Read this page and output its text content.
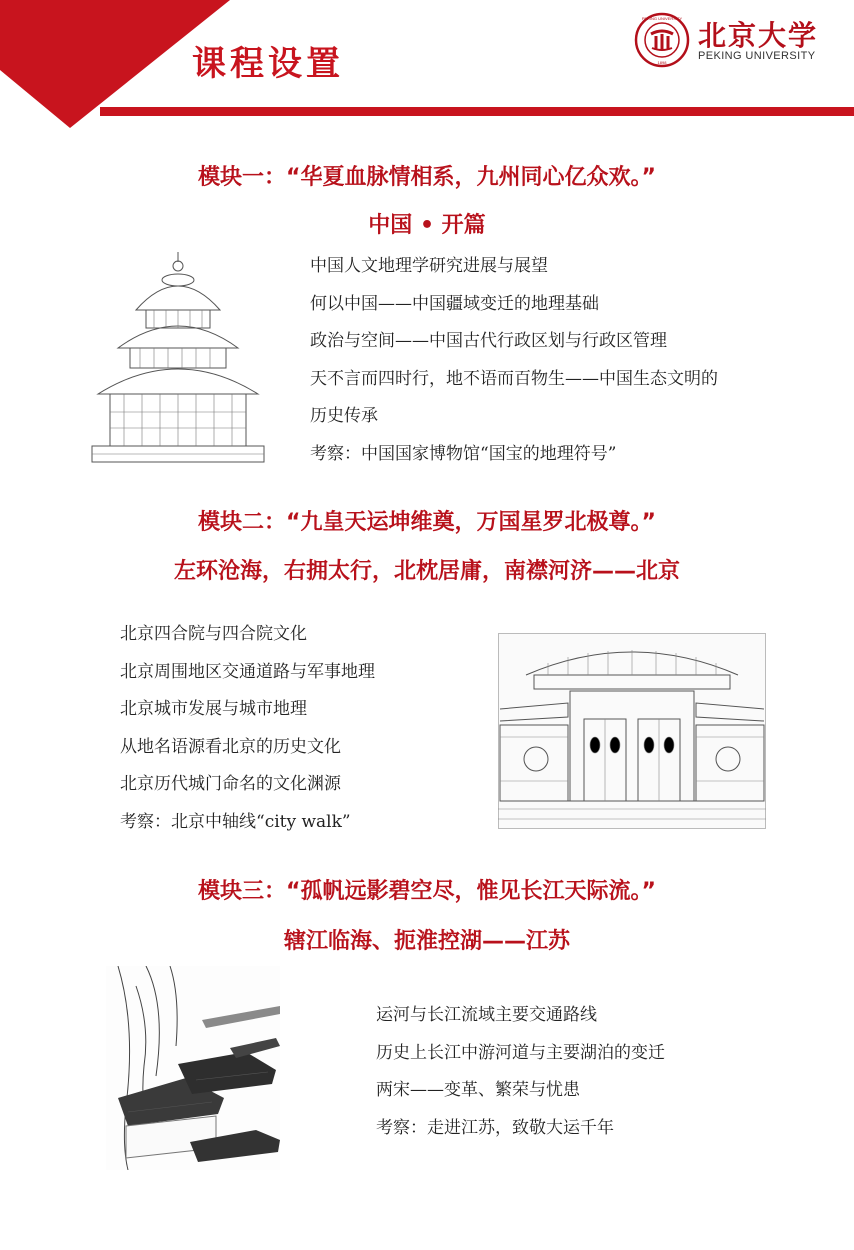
课程设置
PEKING UNIVERSITY
1898
北京大学
PEKING UNIVERSITY
模块一：“华夏血脉情相系，九州同心亿众欢。”
中国 • 开篇
中国人文地理学研究进展与展望
何以中国——中国疆域变迁的地理基础
政治与空间——中国古代行政区划与行政区管理
天不言而四时行，地不语而百物生——中国生态文明的
历史传承
考察：中国国家博物馆“国宝的地理符号”
模块二：“九皇天运坤维奠，万国星罗北极尊。”
左环沧海，右拥太行，北枕居庸，南襟河济——北京
北京四合院与四合院文化
北京周围地区交通道路与军事地理
北京城市发展与城市地理
从地名语源看北京的历史文化
北京历代城门命名的文化渊源
考察：北京中轴线“city walk”
模块三：“孤帆远影碧空尽，惟见长江天际流。”
辖江临海、扼淮控湖——江苏
运河与长江流域主要交通路线
历史上长江中游河道与主要湖泊的变迁
两宋——变革、繁荣与忧患
考察：走进江苏，致敬大运千年
